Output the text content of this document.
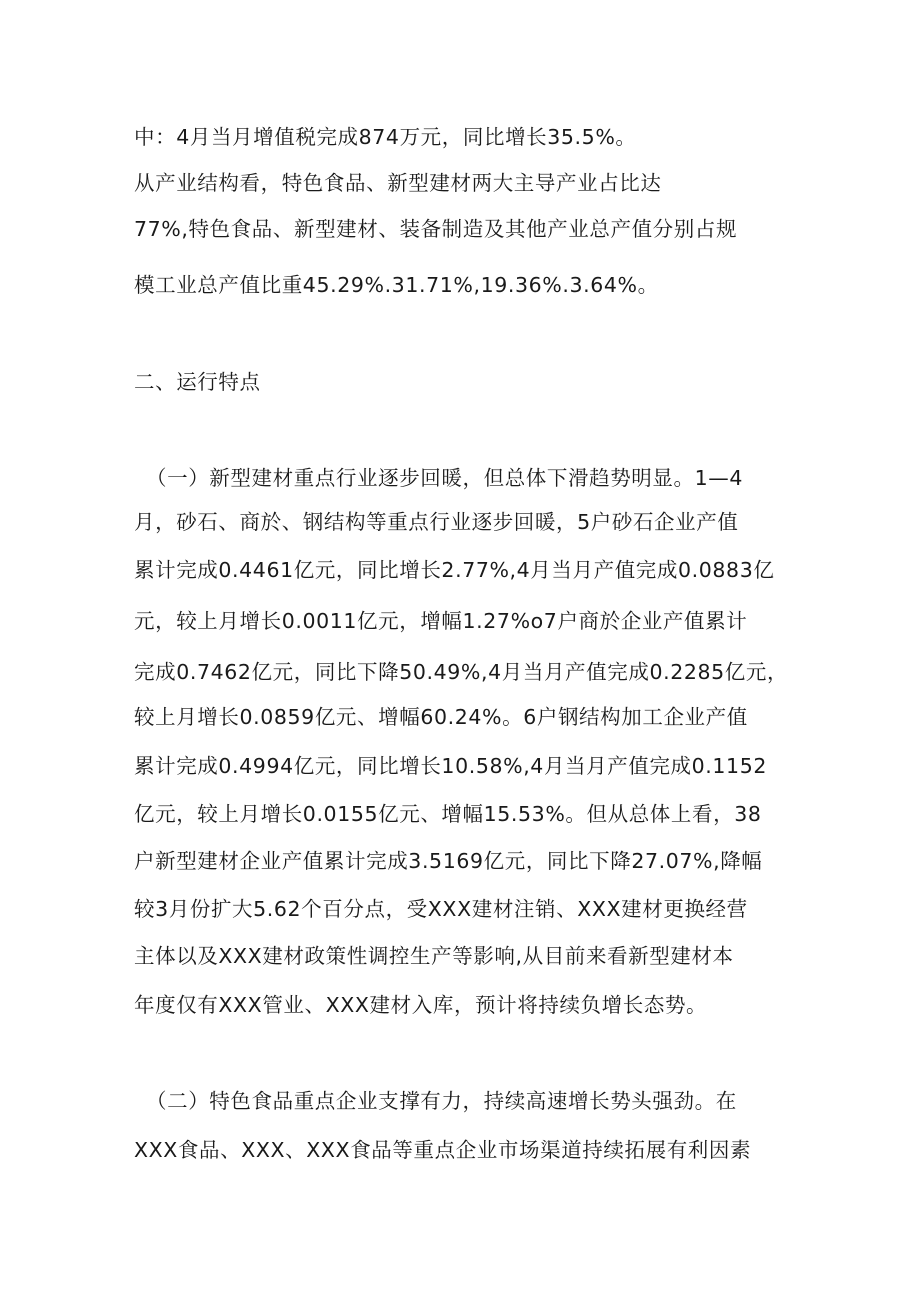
中：4月当月增值税完成874万元，同比增长35.5%。
从产业结构看，特色食品、新型建材两大主导产业占比达
77%,特色食品、新型建材、装备制造及其他产业总产值分别占规
模工业总产值比重45.29%.31.71%,19.36%.3.64%。
二、运行特点
（一）新型建材重点行业逐步回暖，但总体下滑趋势明显。1—4
月，砂石、商於、钢结构等重点行业逐步回暖，5户砂石企业产值
累计完成0.4461亿元，同比增长2.77%,4月当月产值完成0.0883亿
元，较上月增长0.0011亿元，增幅1.27%o7户商於企业产值累计
完成0.7462亿元，同比下降50.49%,4月当月产值完成0.2285亿元，
较上月增长0.0859亿元、增幅60.24%。6户钢结构加工企业产值
累计完成0.4994亿元，同比增长10.58%,4月当月产值完成0.1152
亿元，较上月增长0.0155亿元、增幅15.53%。但从总体上看，38
户新型建材企业产值累计完成3.5169亿元，同比下降27.07%,降幅
较3月份扩大5.62个百分点，受XXX建材注销、XXX建材更换经营
主体以及XXX建材政策性调控生产等影响,从目前来看新型建材本
年度仅有XXX管业、XXX建材入库，预计将持续负增长态势。
（二）特色食品重点企业支撑有力，持续高速增长势头强劲。在
XXX食品、XXX、XXX食品等重点企业市场渠道持续拓展有利因素
